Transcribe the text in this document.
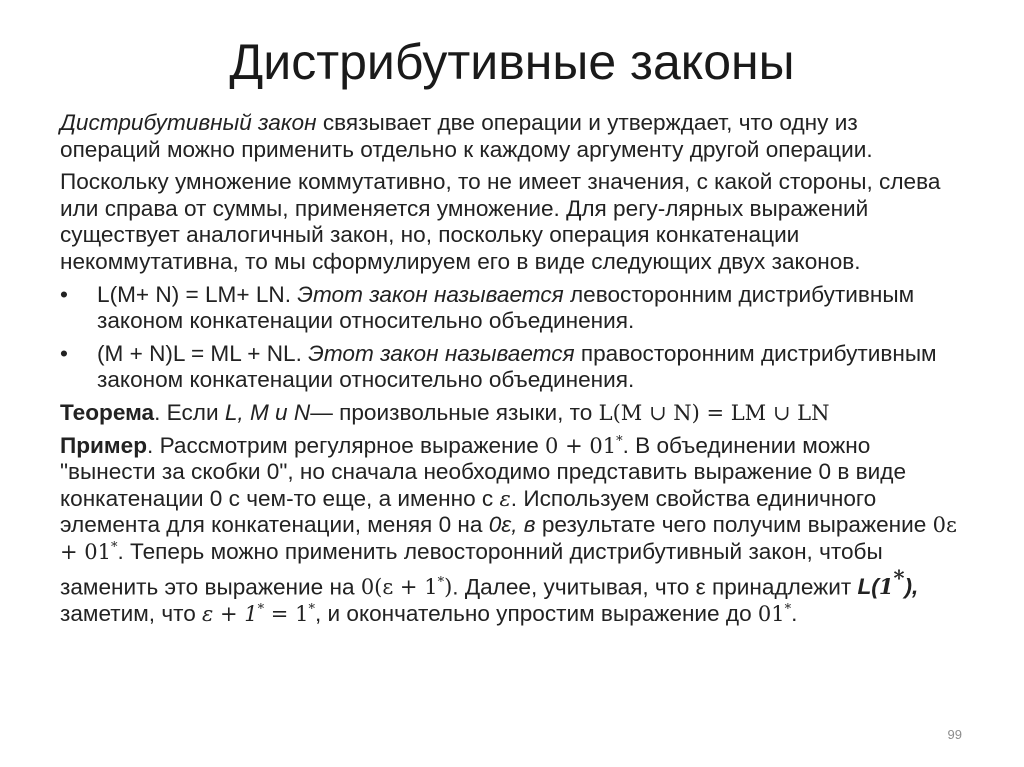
Дистрибутивные законы

Дистрибутивный закон связывает две операции и утверждает, что одну из операций можно применить отдельно к каждому аргументу другой операции.

Поскольку умножение коммутативно, то не имеет значения, с какой стороны, слева или справа от суммы, применяется умножение. Для регу-лярных выражений существует аналогичный закон, но, поскольку операция конкатенации некоммутативна, то мы сформулируем его в виде следующих двух законов.

• L(M+ N) = LM+ LN. Этот закон называется левосторонним дистрибутивным законом конкатенации относительно объединения.
• (M + N)L = ML + NL. Этот закон называется правосторонним дистрибутивным законом конкатенации относительно объединения.

Теорема. Если L, M и N— произвольные языки, то L(M ∪ N) = LM ∪ LN

Пример. Рассмотрим регулярное выражение 0 + 01*. В объединении можно "вынести за скобки 0", но сначала необходимо представить выражение 0 в виде конкатенации 0 с чем-то еще, а именно с ε. Используем свойства единичного элемента для конкатенации, меняя 0 на 0ε, в результате чего получим выражение 0ε + 01*. Теперь можно применить левосторонний дистрибутивный закон, чтобы заменить это выражение на 0(ε + 1*). Далее, учитывая, что ε принадлежит L(1*), заметим, что ε + 1* = 1*, и окончательно упростим выражение до 01*.

99
